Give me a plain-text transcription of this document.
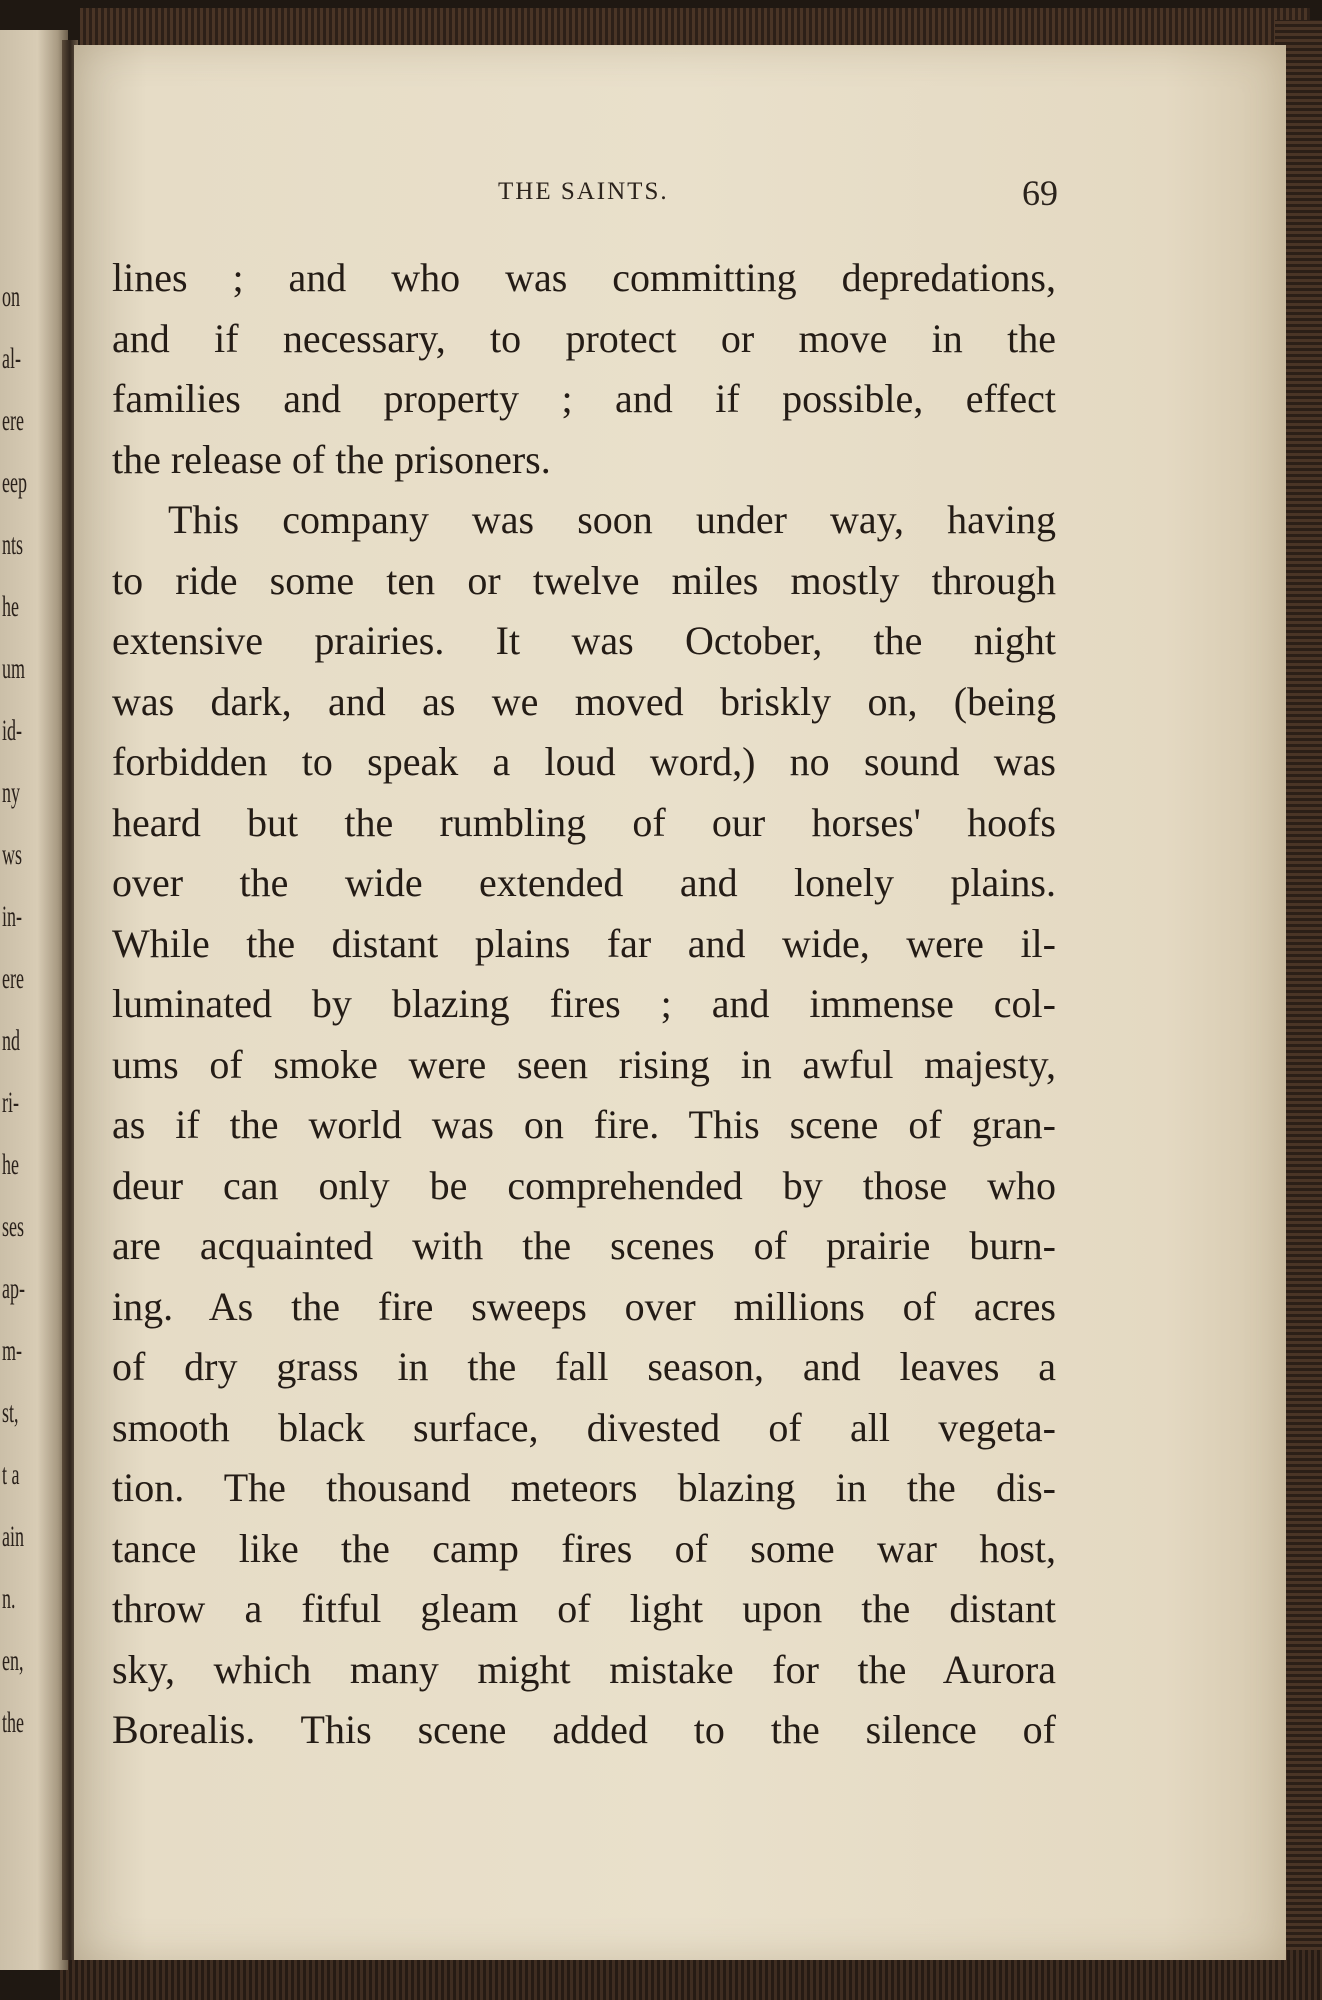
on
al-
ere
eep
nts
he
um
id-
ny
ws
in-
ere
nd
ri-
he
ses
ap-
m-
st,
t a
ain
n.
en,
the
THE SAINTS.	69
lines ; and who was committing depredations,
and if necessary, to protect or move in the
families and property ; and if possible, effect
the release of the prisoners.
This company was soon under way, having
to ride some ten or twelve miles mostly through
extensive prairies. It was October, the night
was dark, and as we moved briskly on, (being
forbidden to speak a loud word,) no sound was
heard but the rumbling of our horses' hoofs
over the wide extended and lonely plains.
While the distant plains far and wide, were il-
luminated by blazing fires ; and immense col-
ums of smoke were seen rising in awful majesty,
as if the world was on fire. This scene of gran-
deur can only be comprehended by those who
are acquainted with the scenes of prairie burn-
ing. As the fire sweeps over millions of acres
of dry grass in the fall season, and leaves a
smooth black surface, divested of all vegeta-
tion. The thousand meteors blazing in the dis-
tance like the camp fires of some war host,
throw a fitful gleam of light upon the distant
sky, which many might mistake for the Aurora
Borealis. This scene added to the silence of
